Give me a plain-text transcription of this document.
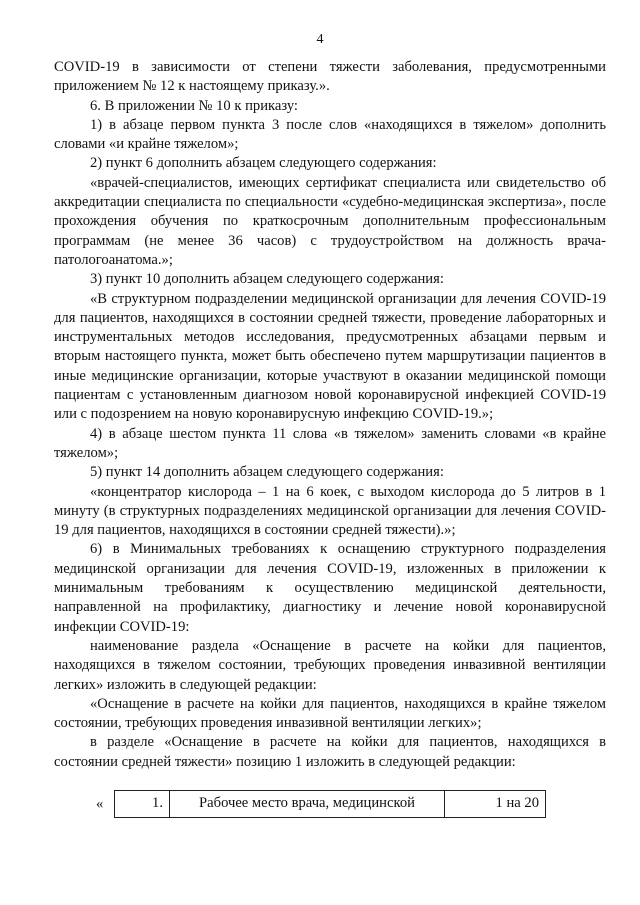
4

COVID-19 в зависимости от степени тяжести заболевания, предусмотренными приложением № 12 к настоящему приказу.».

6. В приложении № 10 к приказу:

1) в абзаце первом пункта 3 после слов «находящихся в тяжелом» дополнить словами «и крайне тяжелом»;

2) пункт 6 дополнить абзацем следующего содержания:

«врачей-специалистов, имеющих сертификат специалиста или свидетельство об аккредитации специалиста по специальности «судебно-медицинская экспертиза», после прохождения обучения по краткосрочным дополнительным профессиональным программам (не менее 36 часов) с трудоустройством на должность врача-патологоанатома.»;

3) пункт 10 дополнить абзацем следующего содержания:

«В структурном подразделении медицинской организации для лечения COVID-19 для пациентов, находящихся в состоянии средней тяжести, проведение лабораторных и инструментальных методов исследования, предусмотренных абзацами первым и вторым настоящего пункта, может быть обеспечено путем маршрутизации пациентов в иные медицинские организации, которые участвуют в оказании медицинской помощи пациентам с установленным диагнозом новой коронавирусной инфекцией COVID-19 или с подозрением на новую коронавирусную инфекцию COVID-19.»;

4) в абзаце шестом пункта 11 слова «в тяжелом» заменить словами «в крайне тяжелом»;

5) пункт 14 дополнить абзацем следующего содержания:

«концентратор кислорода – 1 на 6 коек, с выходом кислорода до 5 литров в 1 минуту (в структурных подразделениях медицинской организации для лечения COVID-19 для пациентов, находящихся в состоянии средней тяжести).»;

6) в Минимальных требованиях к оснащению структурного подразделения медицинской организации для лечения COVID-19, изложенных в приложении к минимальным требованиям к осуществлению медицинской деятельности, направленной на профилактику, диагностику и лечение новой коронавирусной инфекции COVID-19:

наименование раздела «Оснащение в расчете на койки для пациентов, находящихся в тяжелом состоянии, требующих проведения инвазивной вентиляции легких» изложить в следующей редакции:

«Оснащение в расчете на койки для пациентов, находящихся в крайне тяжелом состоянии, требующих проведения инвазивной вентиляции легких»;

в разделе «Оснащение в расчете на койки для пациентов, находящихся в состоянии средней тяжести» позицию 1 изложить в следующей редакции:

«	1.	Рабочее место врача, медицинской	1 на 20
